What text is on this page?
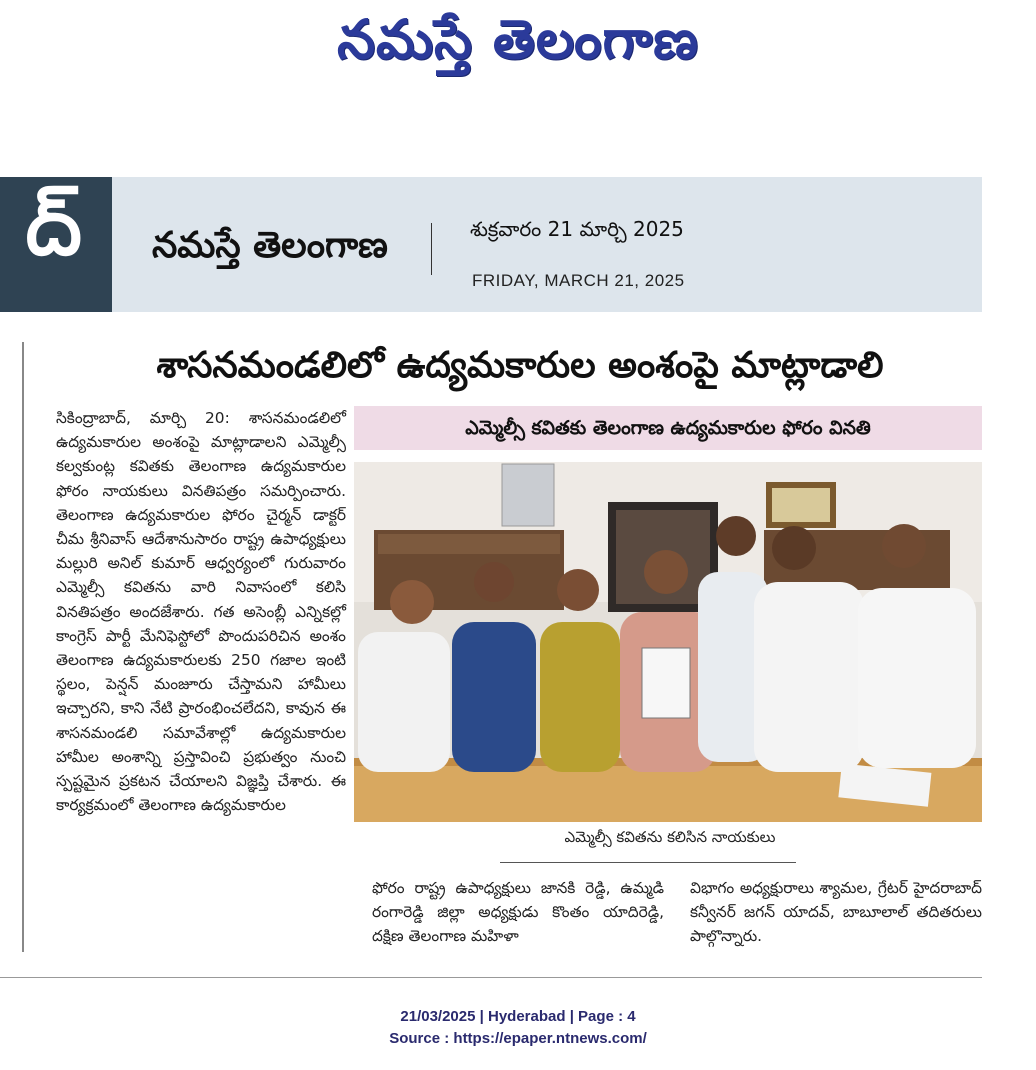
నమస్తే తెలంగాణ
ద్ నమస్తే తెలంగాణ	శుక్రవారం 21 మార్చి 2025
FRIDAY, MARCH 21, 2025
శాసనమండలిలో ఉద్యమకారుల అంశంపై మాట్లాడాలి
ఎమ్మెల్సీ కవితకు తెలంగాణ ఉద్యమకారుల ఫోరం వినతి
సికింద్రాబాద్, మార్చి 20: శాసనమండలిలో ఉద్యమకారుల అంశంపై మాట్లాడాలని ఎమ్మెల్సీ కల్వకుంట్ల కవితకు తెలంగాణ ఉద్యమకారుల ఫోరం నాయకులు వినతిపత్రం సమర్పించారు. తెలంగాణ ఉద్యమకారుల ఫోరం చైర్మన్ డాక్టర్ చీమ శ్రీనివాస్ ఆదేశానుసారం రాష్ట్ర ఉపాధ్యక్షులు మల్లురి అనిల్ కుమార్ ఆధ్వర్యంలో గురువారం ఎమ్మెల్సీ కవితను వారి నివాసంలో కలిసి వినతిపత్రం అందజేశారు. గత అసెంబ్లీ ఎన్నికల్లో కాంగ్రెస్ పార్టీ మేనిఫెస్టోలో పొందుపరిచిన అంశం తెలంగాణ ఉద్యమకారులకు 250 గజాల ఇంటి స్థలం, పెన్షన్ మంజూరు చేస్తామని హామీలు ఇచ్చారని, కాని నేటి ప్రారంభించలేదని, కావున ఈ శాసనమండలి సమావేశాల్లో ఉద్యమకారుల హామీల అంశాన్ని ప్రస్తావించి ప్రభుత్వం నుంచి స్పష్టమైన ప్రకటన చేయాలని విజ్ఞప్తి చేశారు. ఈ కార్యక్రమంలో తెలంగాణ ఉద్యమకారుల
ఎమ్మెల్సీ కవితను కలిసిన నాయకులు
ఫోరం రాష్ట్ర ఉపాధ్యక్షులు జానకి రెడ్డి, ఉమ్మడి రంగారెడ్డి జిల్లా అధ్యక్షుడు కొంతం యాదిరెడ్డి, దక్షిణ తెలంగాణ మహిళా
విభాగం అధ్యక్షురాలు శ్యామల, గ్రేటర్ హైదరాబాద్ కన్వీనర్ జగన్ యాదవ్, బాబూలాల్ తదితరులు పాల్గొన్నారు.
21/03/2025 | Hyderabad | Page : 4
Source : https://epaper.ntnews.com/
